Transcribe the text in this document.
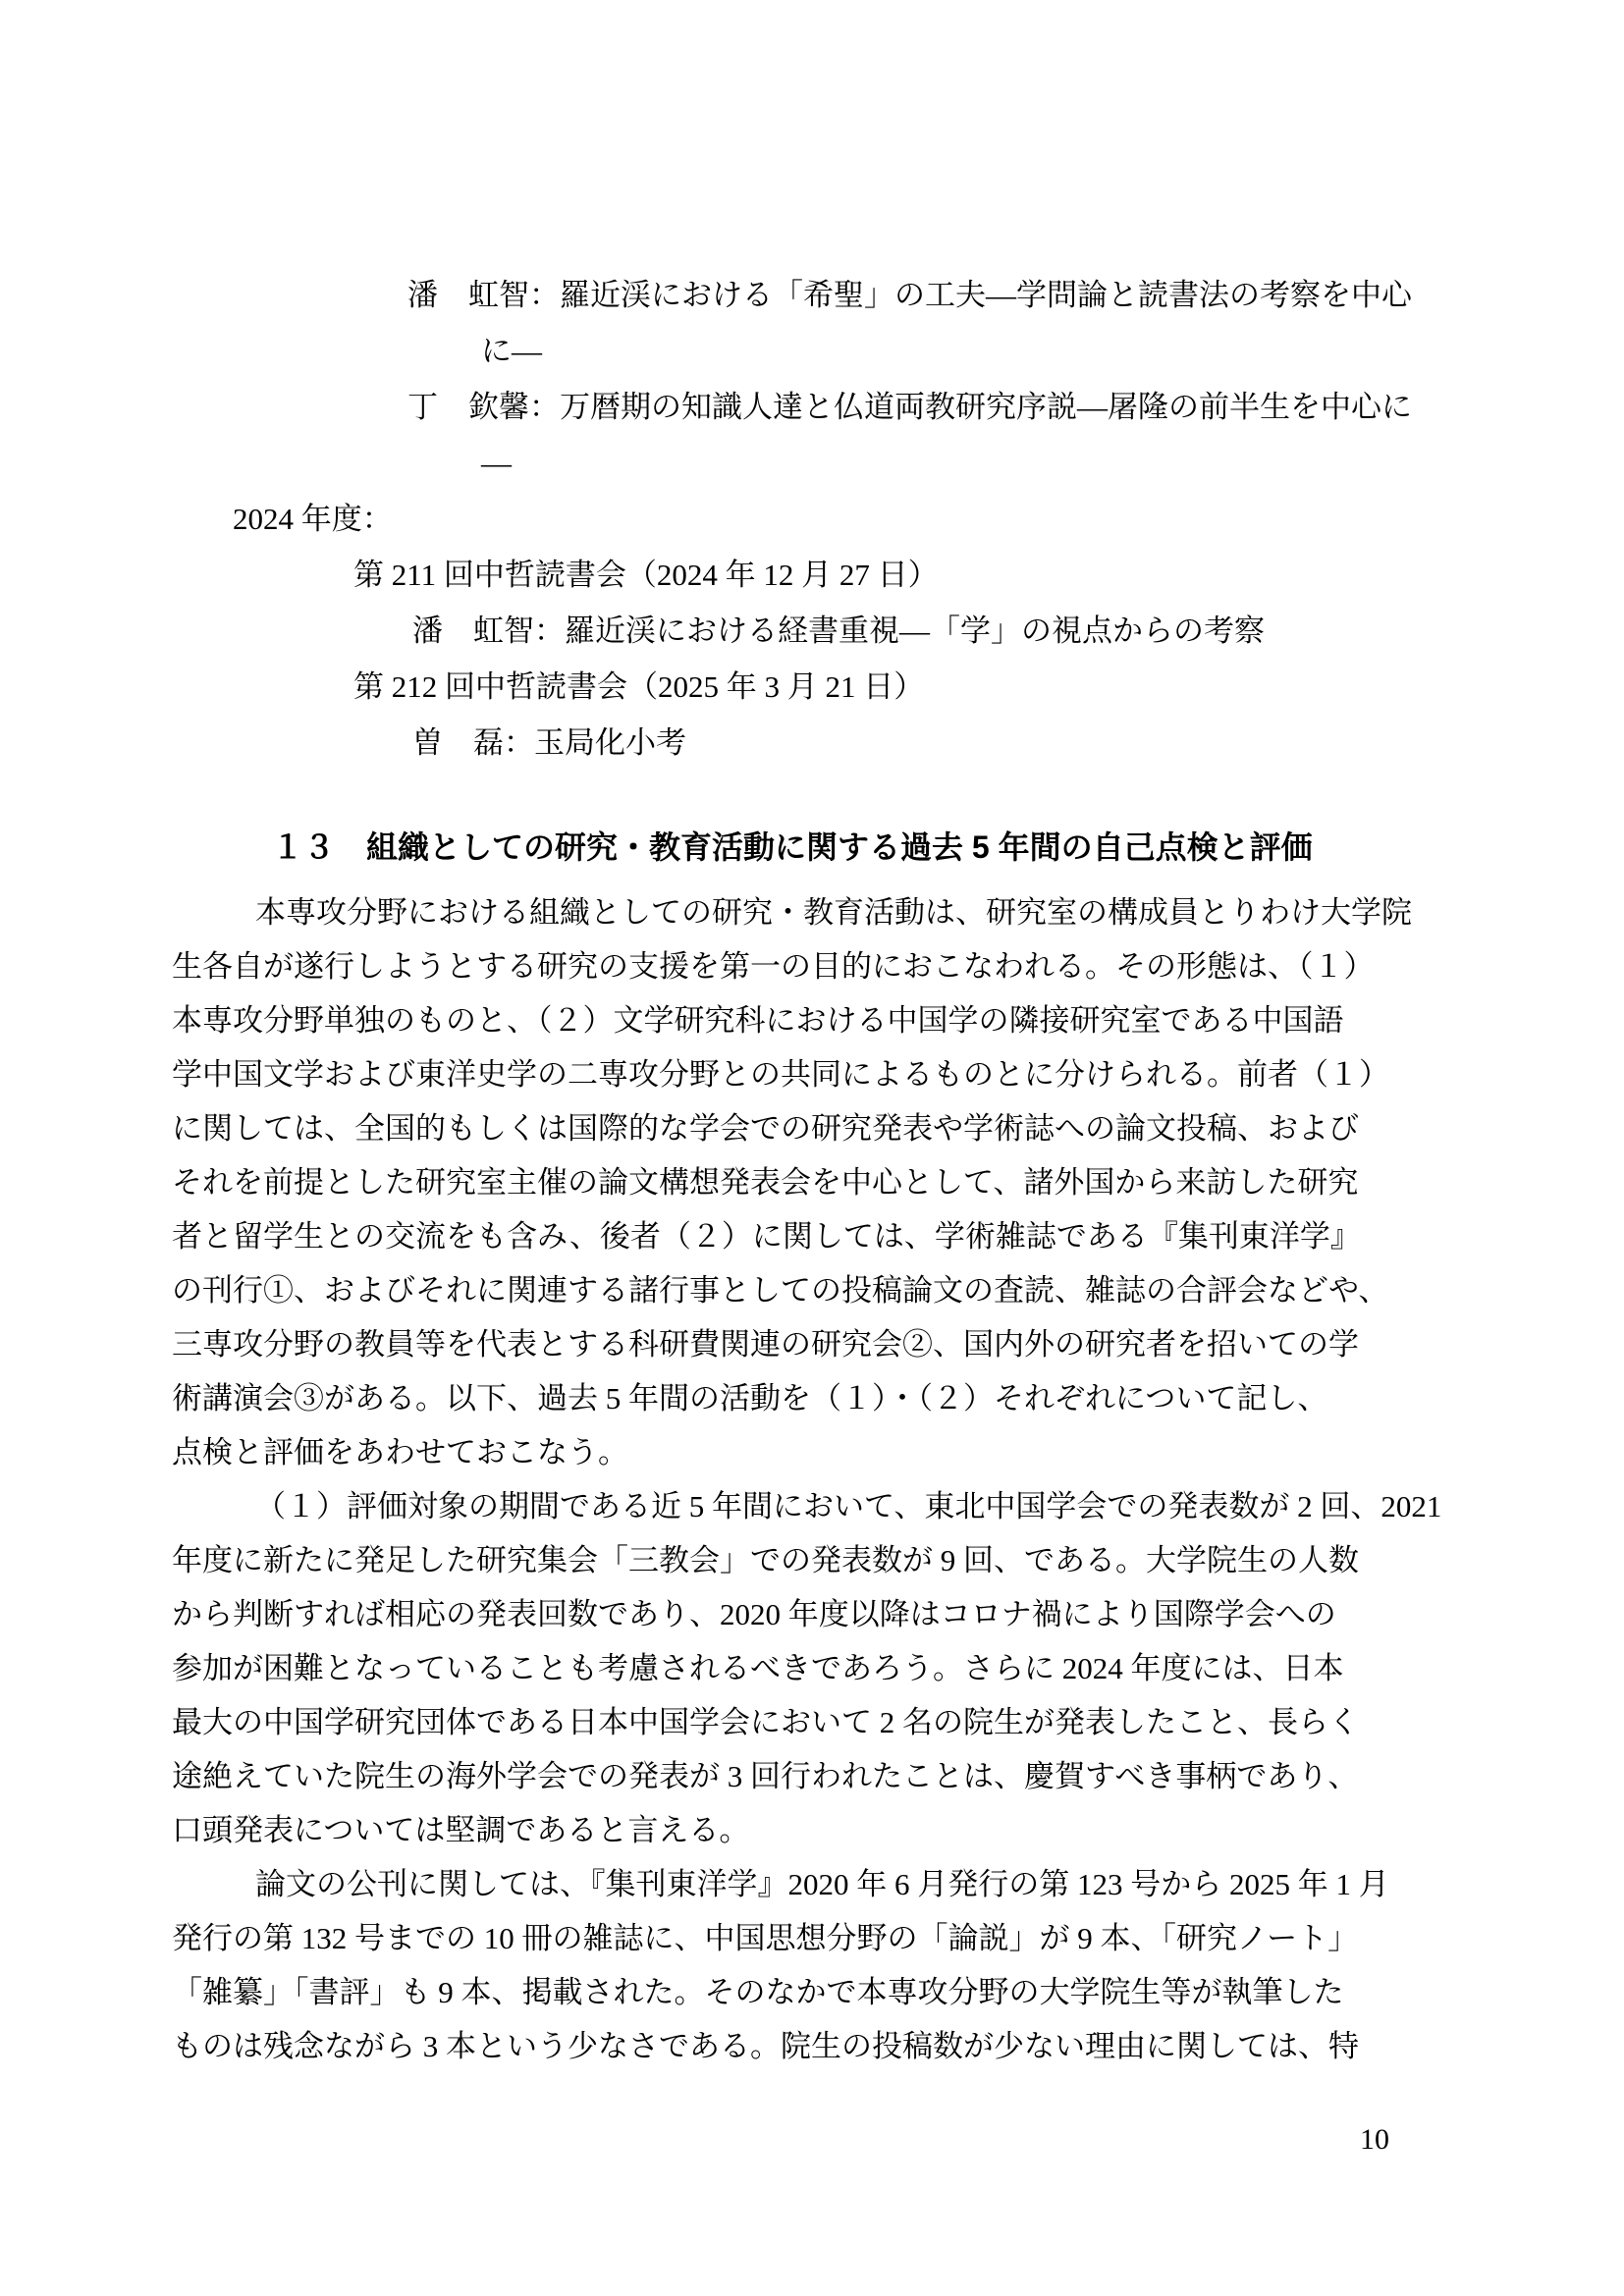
潘　虹智：羅近渓における「希聖」の工夫―学問論と読書法の考察を中心
に―
丁　欽馨：万暦期の知識人達と仏道両教研究序説―屠隆の前半生を中心に
―
2024 年度：
第 211 回中哲読書会（2024 年 12 月 27 日）
潘　虹智：羅近渓における経書重視―「学」の視点からの考察
第 212 回中哲読書会（2025 年 3 月 21 日）
曽　磊：玉局化小考
１３　組織としての研究・教育活動に関する過去 5 年間の自己点検と評価
本専攻分野における組織としての研究・教育活動は、研究室の構成員とりわけ大学院
生各自が遂行しようとする研究の支援を第一の目的におこなわれる。その形態は、（１）
本専攻分野単独のものと、（２）文学研究科における中国学の隣接研究室である中国語
学中国文学および東洋史学の二専攻分野との共同によるものとに分けられる。前者（１）
に関しては、全国的もしくは国際的な学会での研究発表や学術誌への論文投稿、および
それを前提とした研究室主催の論文構想発表会を中心として、諸外国から来訪した研究
者と留学生との交流をも含み、後者（２）に関しては、学術雑誌である『集刊東洋学』
の刊行①、およびそれに関連する諸行事としての投稿論文の査読、雑誌の合評会などや、
三専攻分野の教員等を代表とする科研費関連の研究会②、国内外の研究者を招いての学
術講演会③がある。以下、過去 5 年間の活動を（１）・（２）それぞれについて記し、
点検と評価をあわせておこなう。
（１）評価対象の期間である近 5 年間において、東北中国学会での発表数が 2 回、2021
年度に新たに発足した研究集会「三教会」での発表数が 9 回、である。大学院生の人数
から判断すれば相応の発表回数であり、2020 年度以降はコロナ禍により国際学会への
参加が困難となっていることも考慮されるべきであろう。さらに 2024 年度には、日本
最大の中国学研究団体である日本中国学会において 2 名の院生が発表したこと、長らく
途絶えていた院生の海外学会での発表が 3 回行われたことは、慶賀すべき事柄であり、
口頭発表については堅調であると言える。
論文の公刊に関しては、『集刊東洋学』2020 年 6 月発行の第 123 号から 2025 年 1 月
発行の第 132 号までの 10 冊の雑誌に、中国思想分野の「論説」が 9 本、「研究ノート」
「雑纂」「書評」も 9 本、掲載された。そのなかで本専攻分野の大学院生等が執筆した
ものは残念ながら 3 本という少なさである。院生の投稿数が少ない理由に関しては、特
10
